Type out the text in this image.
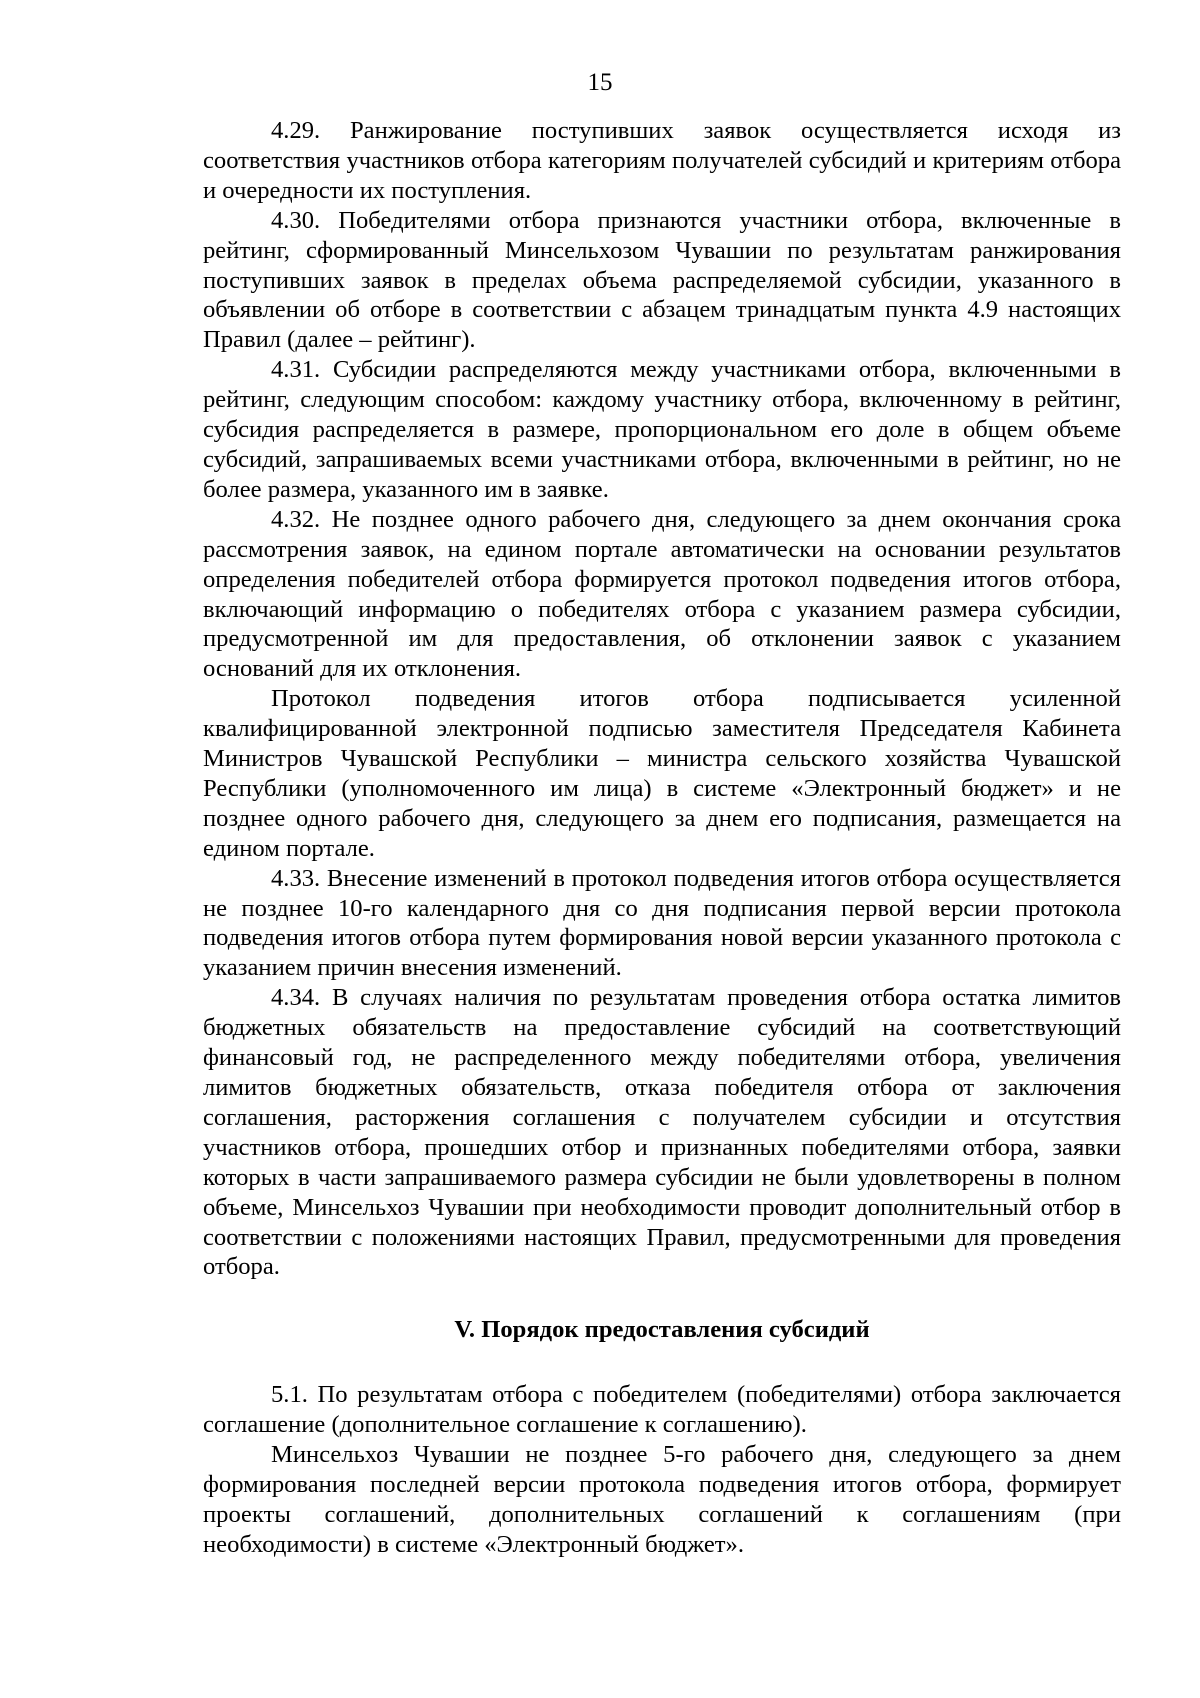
15

4.29. Ранжирование поступивших заявок осуществляется исходя из соответствия участников отбора категориям получателей субсидий и критериям отбора и очередности их поступления.

4.30. Победителями отбора признаются участники отбора, включенные в рейтинг, сформированный Минсельхозом Чувашии по результатам ранжирования поступивших заявок в пределах объема распределяемой субсидии, указанного в объявлении об отборе в соответствии с абзацем тринадцатым пункта 4.9 настоящих Правил (далее – рейтинг).

4.31. Субсидии распределяются между участниками отбора, включенными в рейтинг, следующим способом: каждому участнику отбора, включенному в рейтинг, субсидия распределяется в размере, пропорциональном его доле в общем объеме субсидий, запрашиваемых всеми участниками отбора, включенными в рейтинг, но не более размера, указанного им в заявке.

4.32. Не позднее одного рабочего дня, следующего за днем окончания срока рассмотрения заявок, на едином портале автоматически на основании результатов определения победителей отбора формируется протокол подведения итогов отбора, включающий информацию о победителях отбора с указанием размера субсидии, предусмотренной им для предоставления, об отклонении заявок с указанием оснований для их отклонения.

Протокол подведения итогов отбора подписывается усиленной квалифицированной электронной подписью заместителя Председателя Кабинета Министров Чувашской Республики – министра сельского хозяйства Чувашской Республики (уполномоченного им лица) в системе «Электронный бюджет» и не позднее одного рабочего дня, следующего за днем его подписания, размещается на едином портале.

4.33. Внесение изменений в протокол подведения итогов отбора осуществляется не позднее 10-го календарного дня со дня подписания первой версии протокола подведения итогов отбора путем формирования новой версии указанного протокола с указанием причин внесения изменений.

4.34. В случаях наличия по результатам проведения отбора остатка лимитов бюджетных обязательств на предоставление субсидий на соответствующий финансовый год, не распределенного между победителями отбора, увеличения лимитов бюджетных обязательств, отказа победителя отбора от заключения соглашения, расторжения соглашения с получателем субсидии и отсутствия участников отбора, прошедших отбор и признанных победителями отбора, заявки которых в части запрашиваемого размера субсидии не были удовлетворены в полном объеме, Минсельхоз Чувашии при необходимости проводит дополнительный отбор в соответствии с положениями настоящих Правил, предусмотренными для проведения отбора.

V. Порядок предоставления субсидий

5.1. По результатам отбора с победителем (победителями) отбора заключается соглашение (дополнительное соглашение к соглашению).

Минсельхоз Чувашии не позднее 5-го рабочего дня, следующего за днем формирования последней версии протокола подведения итогов отбора, формирует проекты соглашений, дополнительных соглашений к соглашениям (при необходимости) в системе «Электронный бюджет».
